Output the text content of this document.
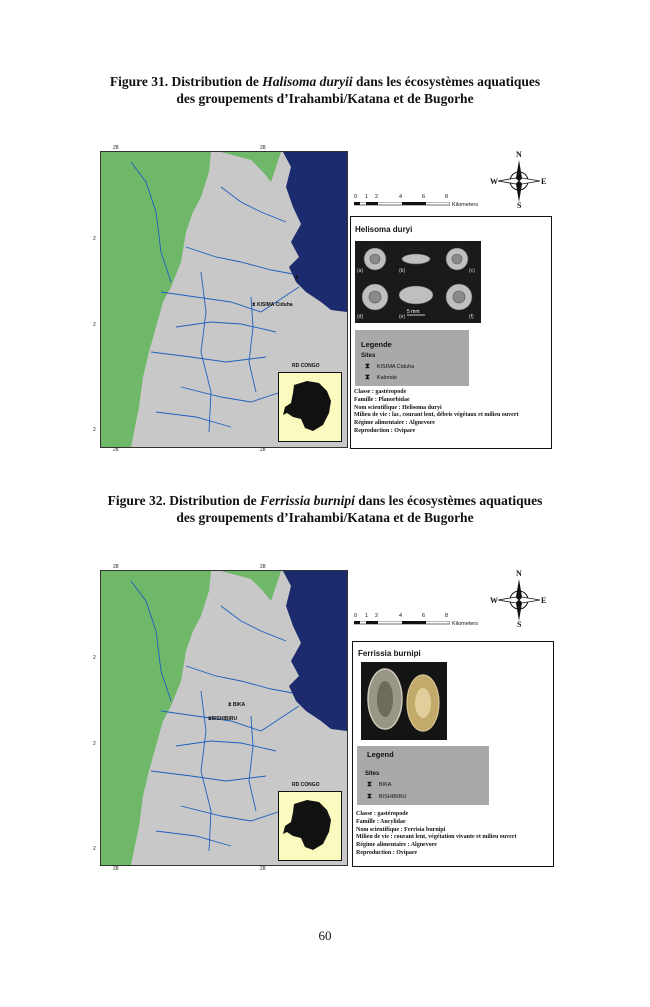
Figure 31. Distribution de Halisoma duryii dans les écosystèmes aquatiques
des groupements d’Irahambi/Katana et de Bugorhe
28	28
28	28
2
2
2
⧗
⧗ KISIMA Ciduha
RD CONGO
N
S
W	E
0 1 2	4	6	8
Kilometers
Helisoma duryi
(a)	(b)	(c)
(d)	(e)	(f)
5 mm
Legende
Sites
⧗ KISIMA Ciduha
⧗ Kalonde
Classe : gastéropode
Famille : Planorbidae
Nom scientifique : Helisoma duryi
Milieu de vie : lac, courant lent, débris végétaux et milieu ouvert
Régime alimentaire : Algnevore
Reproduction : Ovipare
Figure 32. Distribution de Ferrissia burnipi dans les écosystèmes aquatiques
des groupements d’Irahambi/Katana et de Bugorhe
28	28
28	28
2
2
2
⧗ BIKA
⧗BISHIBIRU
RD CONGO
N
S
W	E
0 1 2	4	6	8
Kilometers
Ferrissia burnipi
Legend
Sites
⧗ BIKA
⧗ BISHIBIRU
Classe : gastéropode
Famille : Ancylidae
Nom scientifique : Ferrisia burnipi
Milieu de vie : courant lent, végétation vivante et milieu ouvert
Régime alimentaire : Algnevore
Reproduction : Ovipare
60
